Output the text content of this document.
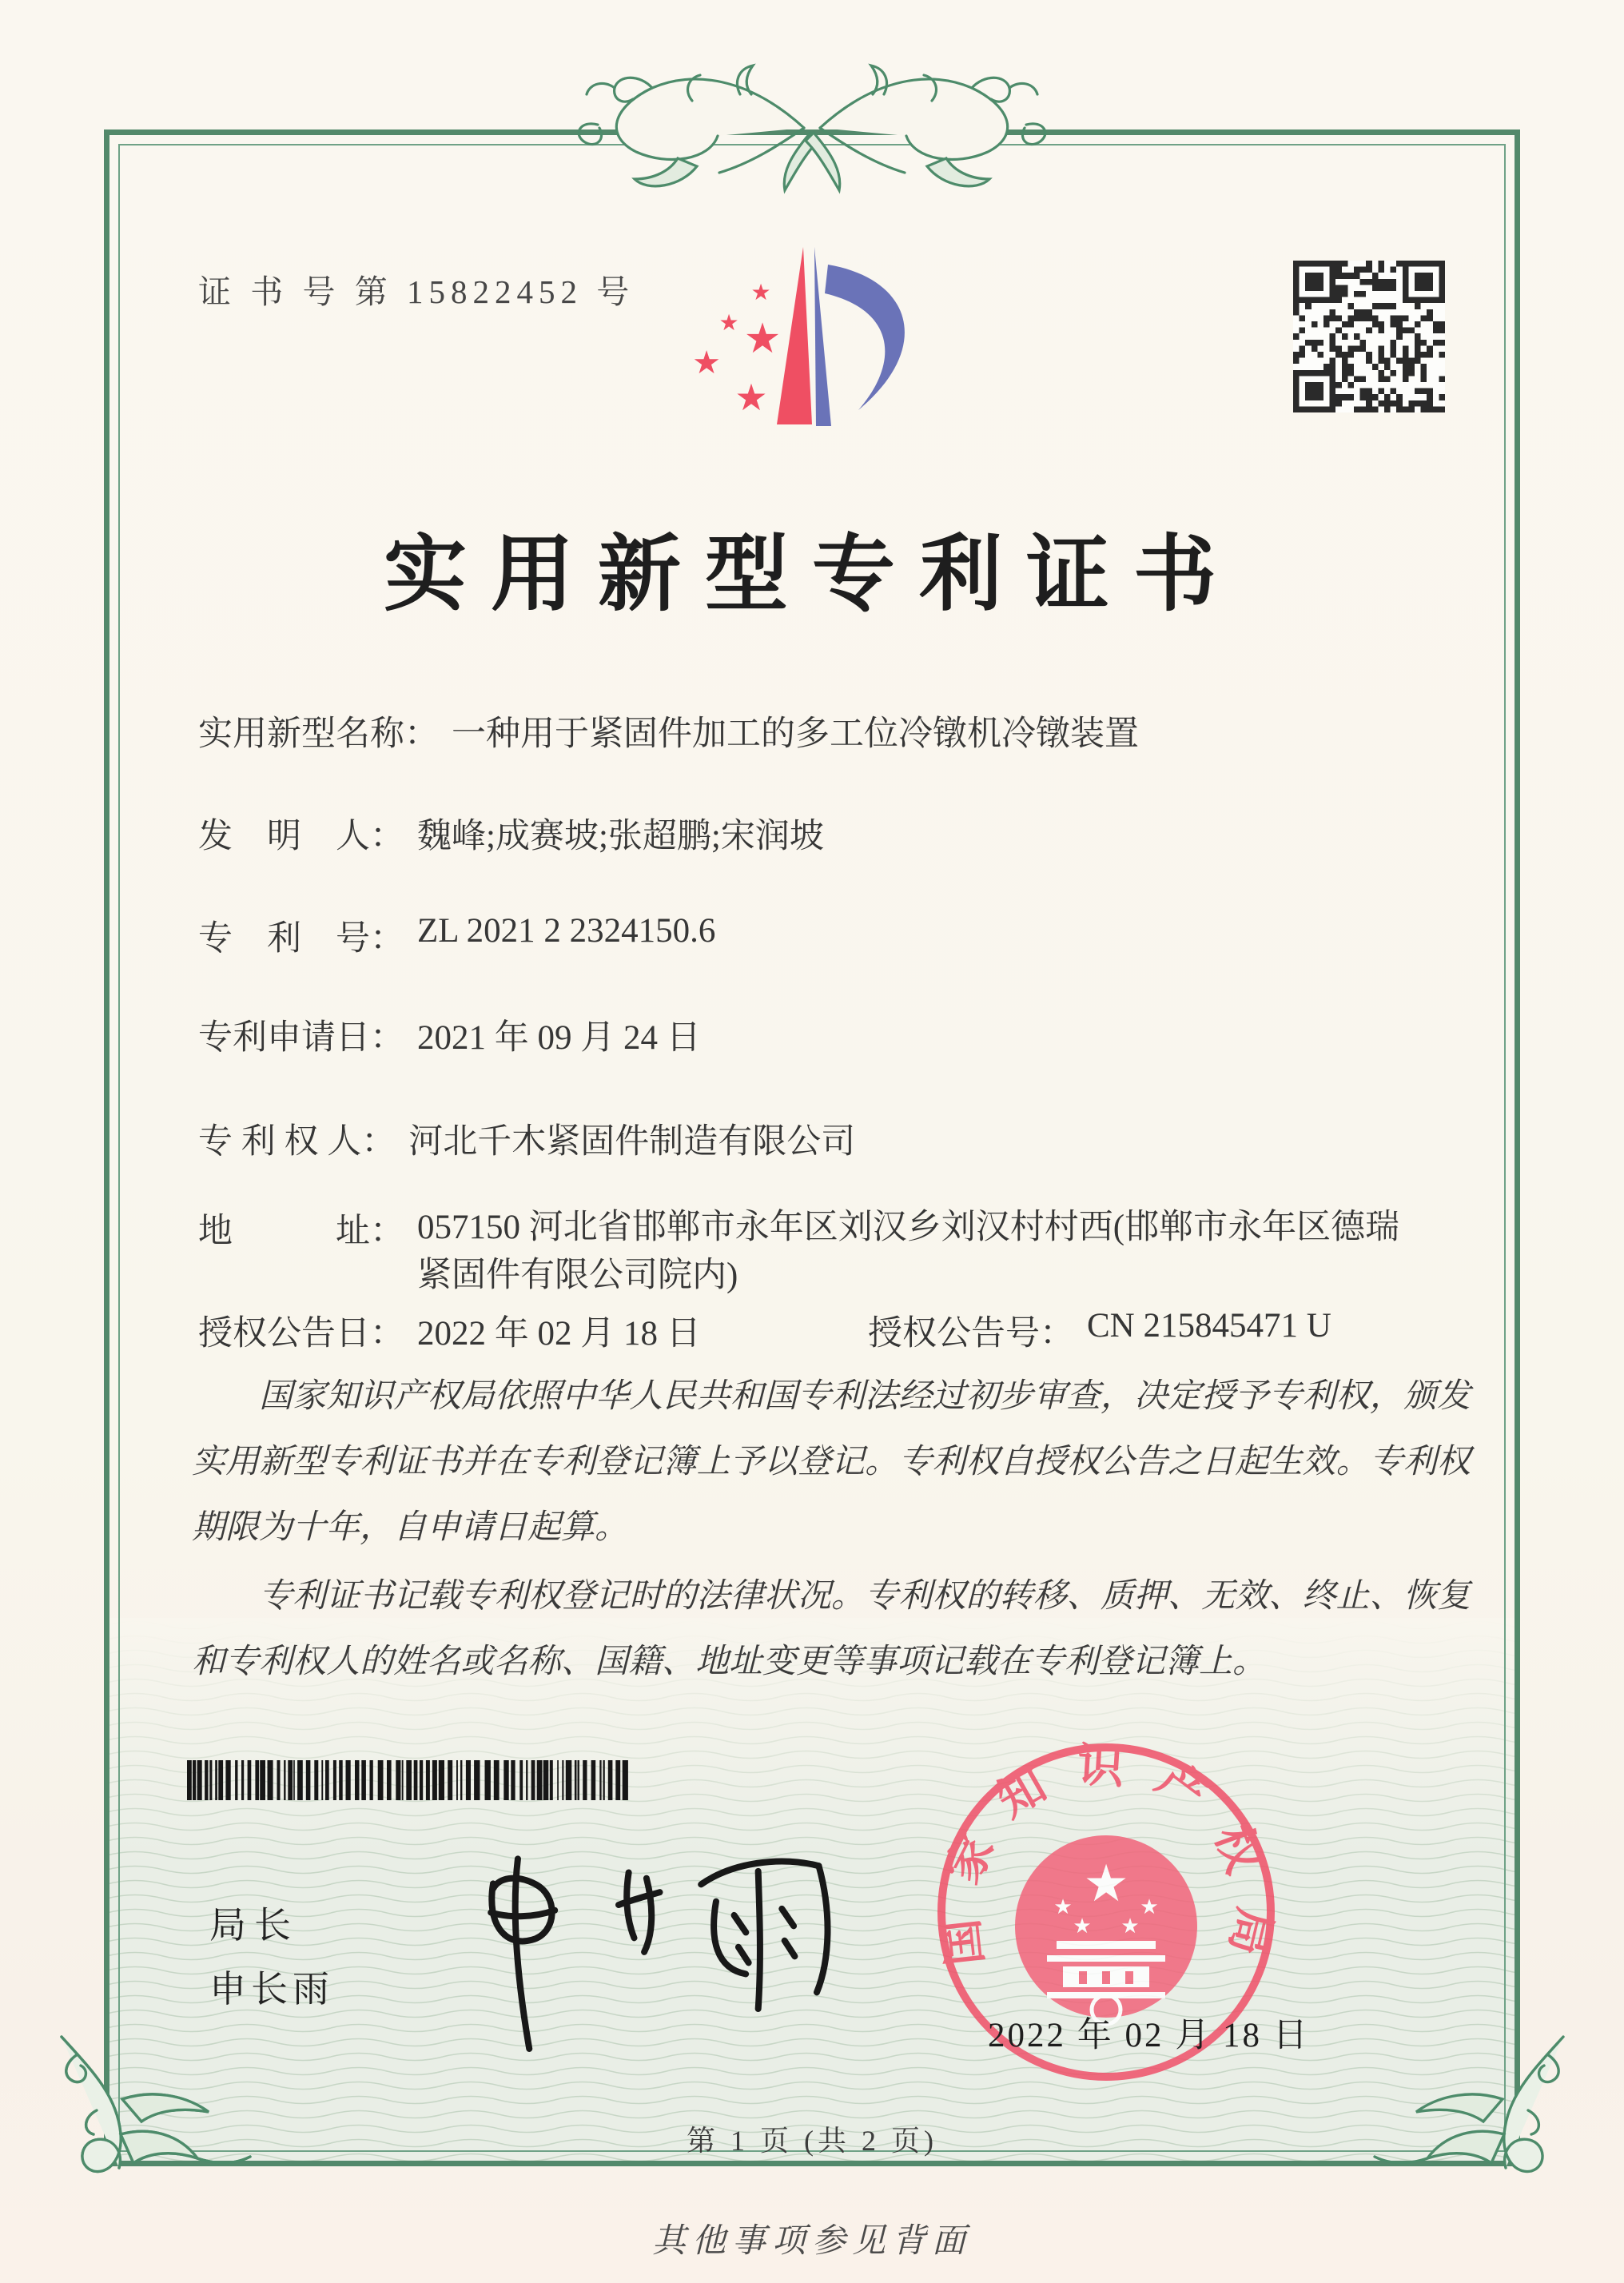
证 书 号 第 15822452 号	★
★ ★
★
★
实用新型专利证书
实用新型名称： 一种用于紧固件加工的多工位冷镦机冷镦装置
发　明　人： 魏峰;成赛坡;张超鹏;宋润坡
专　利　号： ZL 2021 2 2324150.6
专利申请日： 2021 年 09 月 24 日
专 利 权 人： 河北千木紧固件制造有限公司
地　　　址： 057150 河北省邯郸市永年区刘汉乡刘汉村村西(邯郸市永年区德瑞紧固件有限公司院内)
授权公告日： 2022 年 02 月 18 日	授权公告号： CN 215845471 U
国家知识产权局依照中华人民共和国专利法经过初步审查，决定授予专利权，颁发实用新型专利证书并在专利登记簿上予以登记。专利权自授权公告之日起生效。专利权期限为十年，自申请日起算。
专利证书记载专利权登记时的法律状况。专利权的转移、质押、无效、终止、恢复和专利权人的姓名或名称、国籍、地址变更等事项记载在专利登记簿上。
局长
申长雨
国家知识产权局
★
★	★
★ ★
2022 年 02 月 18 日
第 1 页 (共 2 页)
其他事项参见背面
